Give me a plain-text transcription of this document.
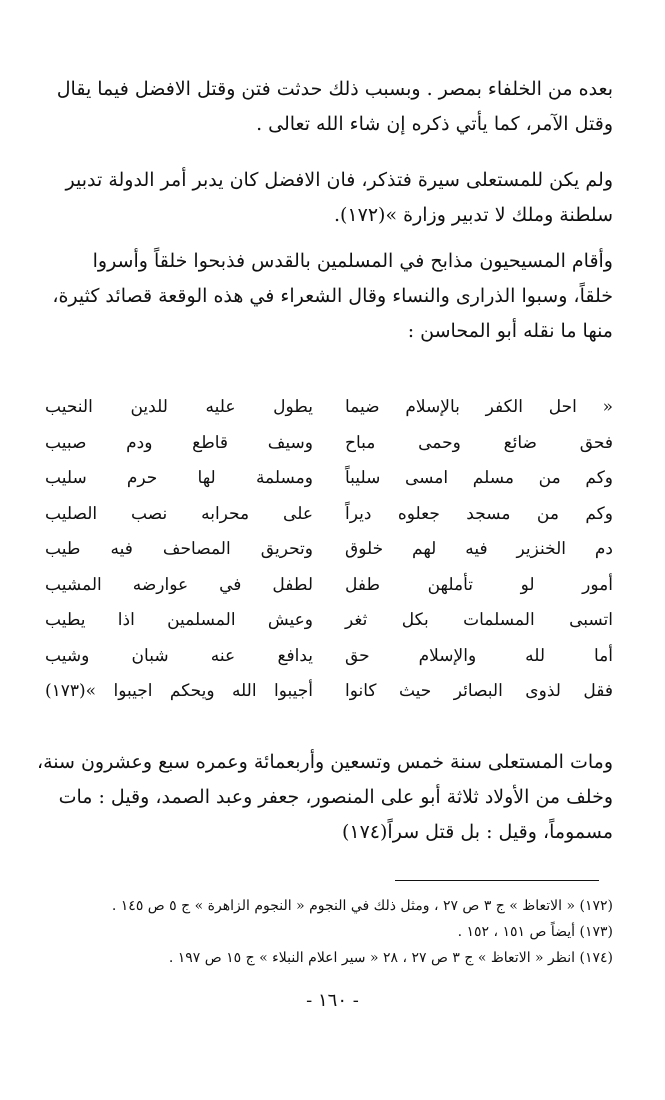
بعده من الخلفاء بمصر . وبسبب ذلك حدثت فتن وقتل الافضل فيما يقال
وقتل الآمر، كما يأتي ذكره إن شاء الله تعالى .

ولم يكن للمستعلى سيرة فتذكر، فان الافضل كان يدبر أمر الدولة تدبير
سلطنة وملك لا تدبير وزارة »(١٧٢).

وأقام المسيحيون مذابح في المسلمين بالقدس فذبحوا خلقاً وأسروا
خلقاً، وسبوا الذرارى والنساء وقال الشعراء في هذه الوقعة قصائد كثيرة،
منها ما نقله أبو المحاسن :

« احل الكفر بالإسلام ضيما
يطول عليه للدين النحيب
فحق ضائع وحمى مباح
وسيف قاطع ودم صبيب
وكم من مسلم امسى سليباً
ومسلمة لها حرم سليب
وكم من مسجد جعلوه ديراً
على محرابه نصب الصليب
دم الخنزير فيه لهم خلوق
وتحريق المصاحف فيه طيب
أمور لو تأملهن طفل
لطفل في عوارضه المشيب
اتسبى المسلمات بكل ثغر
وعيش المسلمين اذا يطيب
أما لله والإسلام حق
يدافع عنه شبان وشيب
فقل لذوى البصائر حيث كانوا
أجيبوا الله ويحكم اجيبوا »(١٧٣)

ومات المستعلى سنة خمس وتسعين وأربعمائة وعمره سبع وعشرون سنة،
وخلف من الأولاد ثلاثة أبو على المنصور، جعفر وعبد الصمد، وقيل : مات
مسموماً، وقيل : بل قتل سراً(١٧٤)

(١٧٢) « الاتعاظ » ج ٣ ص ٢٧ ، ومثل ذلك في النجوم « النجوم الزاهرة » ج ٥ ص ١٤٥ .
(١٧٣) أيضاً ص ١٥١ ، ١٥٢ .
(١٧٤) انظر « الاتعاظ » ج ٣ ص ٢٧ ، ٢٨ « سير اعلام النبلاء » ج ١٥ ص ١٩٧ .
- ١٦٠ -
